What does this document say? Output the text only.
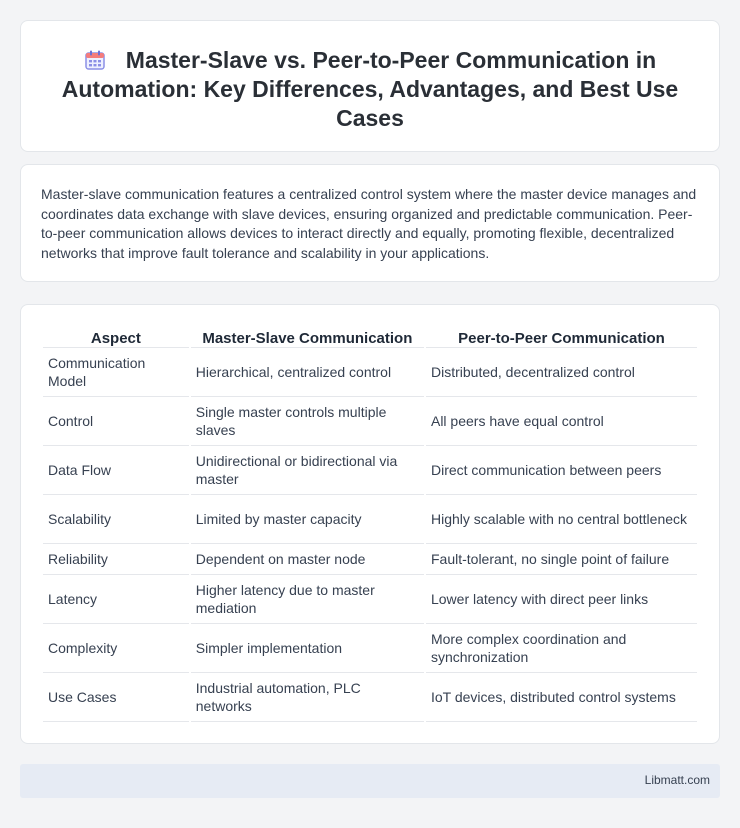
Master-Slave vs. Peer-to-Peer Communication in Automation: Key Differences, Advantages, and Best Use Cases

Master-slave communication features a centralized control system where the master device manages and coordinates data exchange with slave devices, ensuring organized and predictable communication. Peer-to-peer communication allows devices to interact directly and equally, promoting flexible, decentralized networks that improve fault tolerance and scalability in your applications.

Aspect	Master-Slave Communication	Peer-to-Peer Communication
Communication Model	Hierarchical, centralized control	Distributed, decentralized control
Control	Single master controls multiple slaves	All peers have equal control
Data Flow	Unidirectional or bidirectional via master	Direct communication between peers
Scalability	Limited by master capacity	Highly scalable with no central bottleneck
Reliability	Dependent on master node	Fault-tolerant, no single point of failure
Latency	Higher latency due to master mediation	Lower latency with direct peer links
Complexity	Simpler implementation	More complex coordination and synchronization
Use Cases	Industrial automation, PLC networks	IoT devices, distributed control systems
Libmatt.com
